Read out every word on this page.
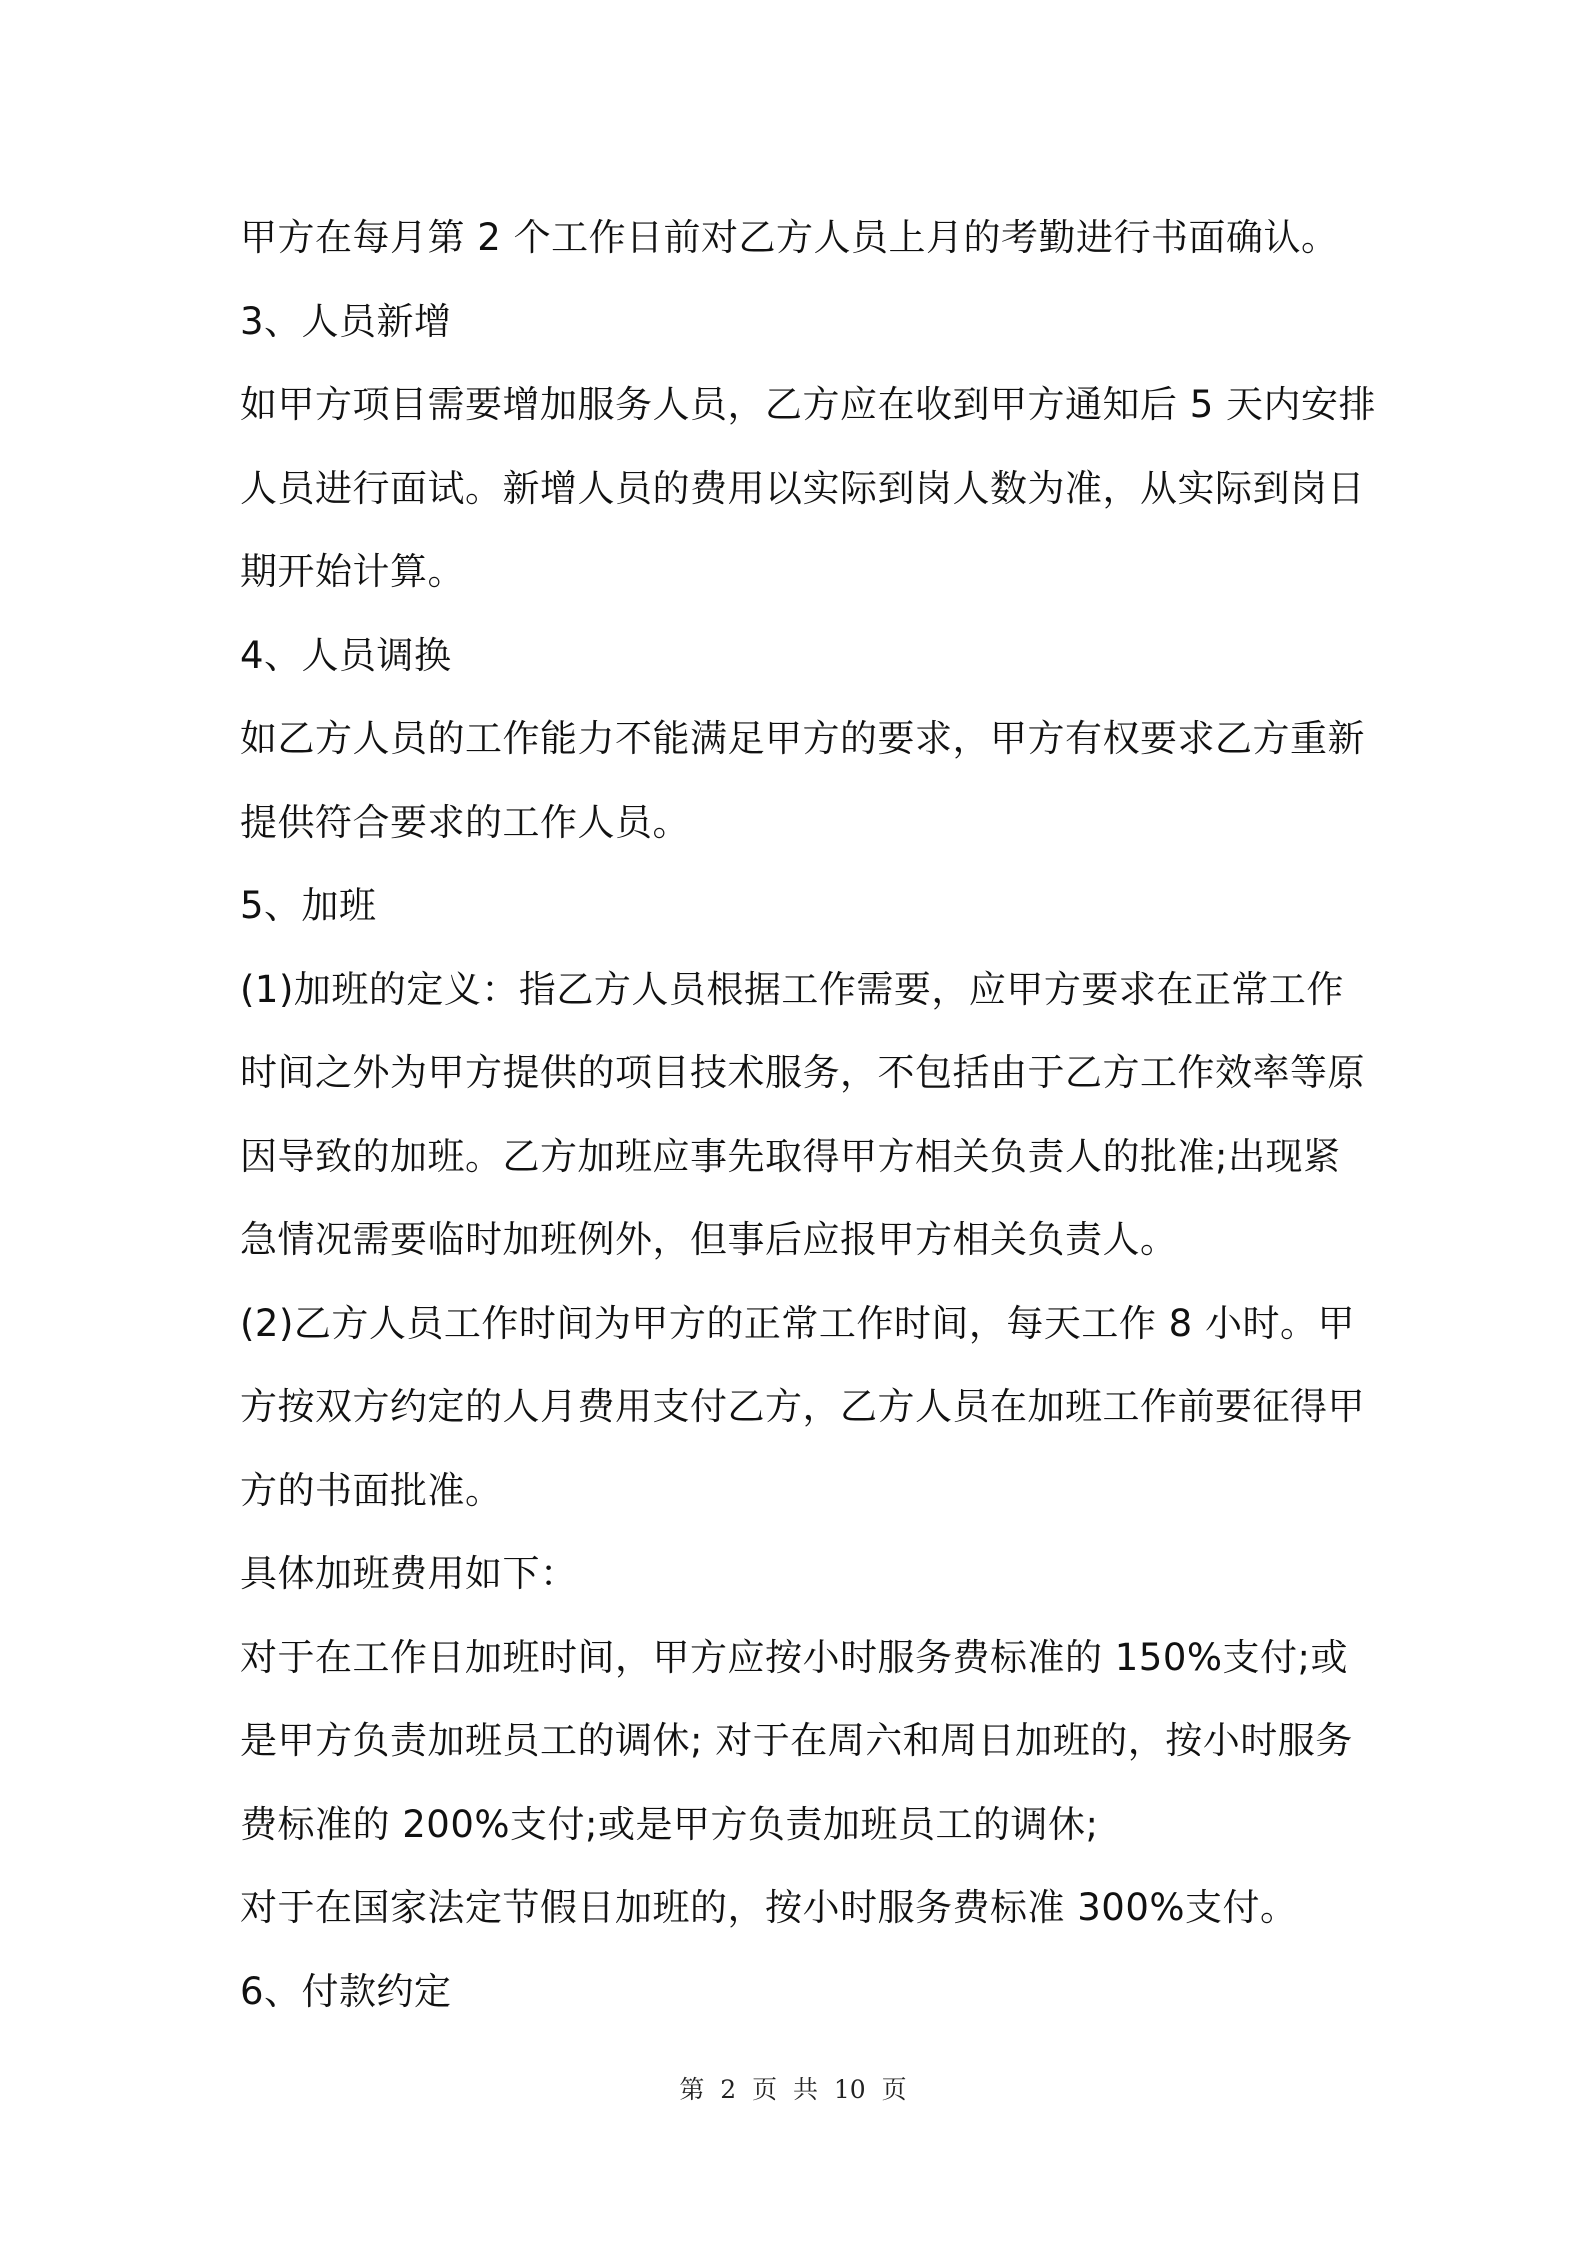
甲方在每月第 2 个工作日前对乙方人员上月的考勤进行书面确认。
3、人员新增
如甲方项目需要增加服务人员，乙方应在收到甲方通知后 5 天内安排
人员进行面试。新增人员的费用以实际到岗人数为准，从实际到岗日
期开始计算。
4、人员调换
如乙方人员的工作能力不能满足甲方的要求，甲方有权要求乙方重新
提供符合要求的工作人员。
5、加班
(1)加班的定义：指乙方人员根据工作需要，应甲方要求在正常工作
时间之外为甲方提供的项目技术服务，不包括由于乙方工作效率等原
因导致的加班。乙方加班应事先取得甲方相关负责人的批准;出现紧
急情况需要临时加班例外，但事后应报甲方相关负责人。
(2)乙方人员工作时间为甲方的正常工作时间，每天工作 8 小时。甲
方按双方约定的人月费用支付乙方，乙方人员在加班工作前要征得甲
方的书面批准。
具体加班费用如下：
对于在工作日加班时间，甲方应按小时服务费标准的 150%支付;或
是甲方负责加班员工的调休; 对于在周六和周日加班的，按小时服务
费标准的 200%支付;或是甲方负责加班员工的调休;
对于在国家法定节假日加班的，按小时服务费标准 300%支付。
6、付款约定
第  2  页  共  10  页
